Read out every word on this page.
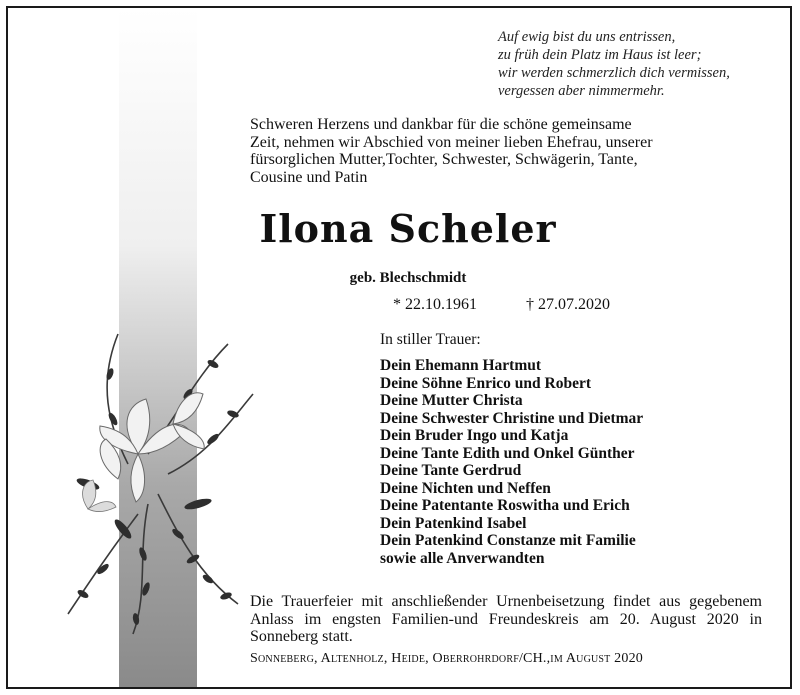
Auf ewig bist du uns entrissen,
zu früh dein Platz im Haus ist leer;
wir werden schmerzlich dich vermissen,
vergessen aber nimmermehr.
Schweren Herzens und dankbar für die schöne gemeinsame
Zeit, nehmen wir Abschied von meiner lieben Ehefrau, unserer
fürsorglichen Mutter,Tochter, Schwester, Schwägerin, Tante,
Cousine und Patin
Ilona Scheler
geb. Blechschmidt
* 22.10.1961	† 27.07.2020
In stiller Trauer:
Dein Ehemann Hartmut
Deine Söhne Enrico und Robert
Deine Mutter Christa
Deine Schwester Christine und Dietmar
Dein Bruder Ingo und Katja
Deine Tante Edith und Onkel Günther
Deine Tante Gerdrud
Deine Nichten und Neffen
Deine Patentante Roswitha und Erich
Dein Patenkind Isabel
Dein Patenkind Constanze mit Familie
sowie alle Anverwandten
Die Trauerfeier mit anschließender Urnenbeisetzung findet aus gegebenem Anlass im engsten Familien-und Freundeskreis am 20. August 2020 in Sonneberg statt.
Sonneberg, Altenholz, Heide, Oberrohrdorf/CH.,im August 2020
